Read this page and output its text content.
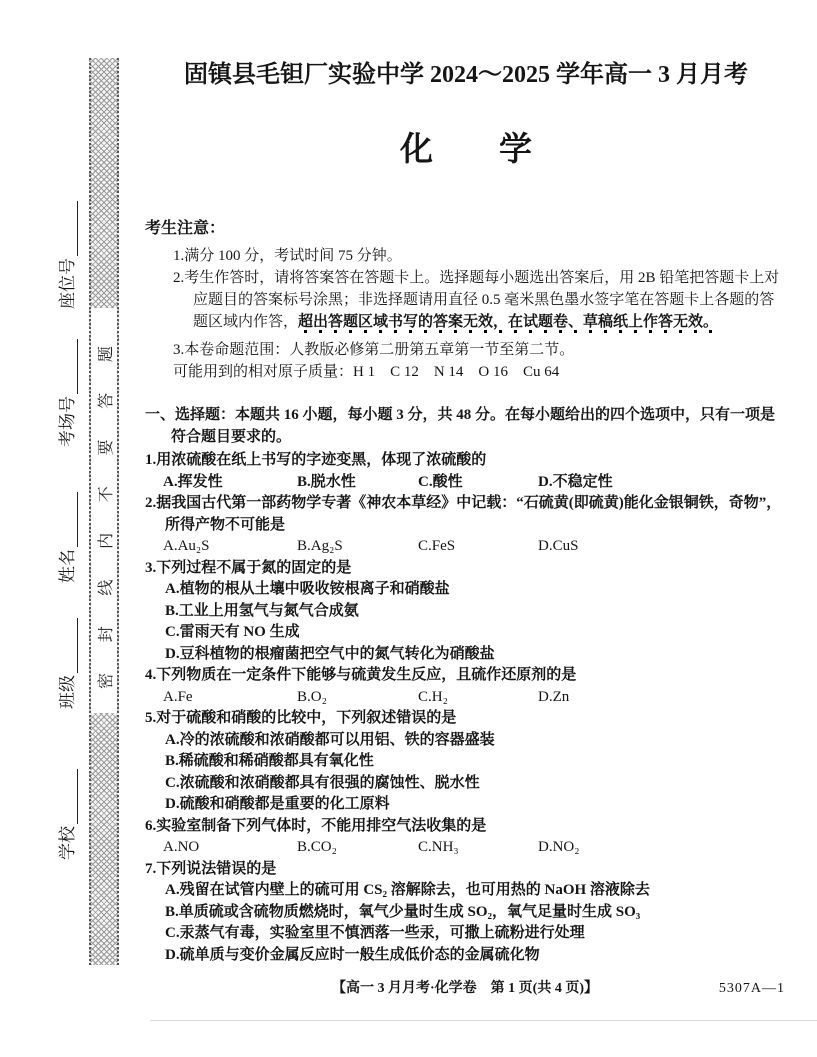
密
封
线
内
不
要
答
题
学校
班级
姓名
考场号
座位号
固镇县毛钽厂实验中学 2024～2025 学年高一 3 月月考
化　　学

考生注意：

1.满分 100 分，考试时间 75 分钟。

2.考生作答时，请将答案答在答题卡上。选择题每小题选出答案后，用 2B 铅笔把答题卡上对应题目的答案标号涂黑；非选择题请用直径 0.5 毫米黑色墨水签字笔在答题卡上各题的答题区域内作答，超出答题区域书写的答案无效，在试题卷、草稿纸上作答无效。

3.本卷命题范围：人教版必修第二册第五章第一节至第二节。

可能用到的相对原子质量：H 1　C 12　N 14　O 16　Cu 64

一、选择题：本题共 16 小题，每小题 3 分，共 48 分。在每小题给出的四个选项中，只有一项是符合题目要求的。

1.用浓硫酸在纸上书写的字迹变黑，体现了浓硫酸的

A.挥发性	B.脱水性	C.酸性	D.不稳定性

2.据我国古代第一部药物学专著《神农本草经》中记载：“石硫黄(即硫黄)能化金银铜铁，奇物”，所得产物不可能是

A.Au₂S	B.Ag₂S	C.FeS	D.CuS

3.下列过程不属于氮的固定的是

A.植物的根从土壤中吸收铵根离子和硝酸盐

B.工业上用氢气与氮气合成氨

C.雷雨天有 NO 生成

D.豆科植物的根瘤菌把空气中的氮气转化为硝酸盐

4.下列物质在一定条件下能够与硫黄发生反应，且硫作还原剂的是

A.Fe	B.O₂	C.H₂	D.Zn

5.对于硫酸和硝酸的比较中，下列叙述错误的是

A.冷的浓硫酸和浓硝酸都可以用铝、铁的容器盛装

B.稀硫酸和稀硝酸都具有氧化性

C.浓硫酸和浓硝酸都具有很强的腐蚀性、脱水性

D.硫酸和硝酸都是重要的化工原料

6.实验室制备下列气体时，不能用排空气法收集的是

A.NO	B.CO₂	C.NH₃	D.NO₂

7.下列说法错误的是

A.残留在试管内壁上的硫可用 CS₂ 溶解除去，也可用热的 NaOH 溶液除去

B.单质硫或含硫物质燃烧时，氧气少量时生成 SO₂，氧气足量时生成 SO₃

C.汞蒸气有毒，实验室里不慎洒落一些汞，可撒上硫粉进行处理

D.硫单质与变价金属反应时一般生成低价态的金属硫化物

【高一 3 月月考·化学卷　第 1 页(共 4 页)】	5307A—1
